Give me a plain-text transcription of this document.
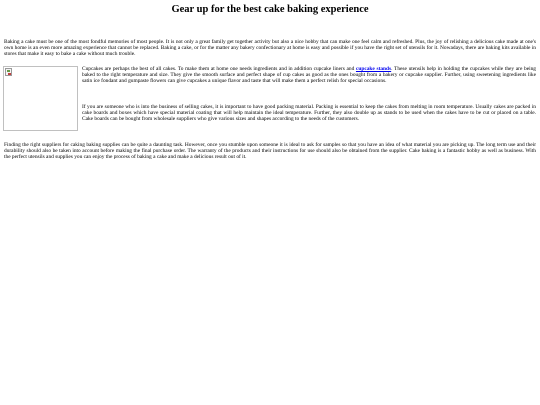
Gear up for the best cake baking experience

Baking a cake must be one of the most fondful memories of most people. It is not only a great family get together activity but also a nice hobby that can make one feel calm and refreshed. Plus, the joy of relishing a delicious cake made at one's own home is an even more amazing experience that cannot be replaced. Baking a cake, or for the matter any bakery confectionary at home is easy and possible if you have the right set of utensils for it. Nowadays, there are baking kits available in stores that make it easy to bake a cake without much trouble.

Cupcakes are perhaps the best of all cakes. To make them at home one needs ingredients and in addition cupcake liners and cupcake stands. These utensils help in holding the cupcakes while they are being baked to the right temperature and size. They give the smooth surface and perfect shape of cup cakes as good as the ones bought from a bakery or cupcake supplier. Further, using sweetening ingredients like satin ice fondant and gumpaste flowers can give cupcakes a unique flavor and taste that will make them a perfect relish for special occasions.

If you are someone who is into the business of selling cakes, it is important to have good packing material. Packing is essential to keep the cakes from melting in room temperature. Usually cakes are packed in cake boards and boxes which have special material coating that will help maintain the ideal temperature. Further, they also double up as stands to be used when the cakes have to be cut or placed on a table. Cake boards can be bought from wholesale suppliers who give various sizes and shapes according to the needs of the customers.

Finding the right suppliers for caking baking supplies can be quite a daunting task. However, once you stumble upon someone it is ideal to ask for samples so that you have an idea of what material you are picking up. The long term use and their durability should also be taken into account before making the final purchase order. The warranty of the products and their instructions for use should also be obtained from the supplier. Cake baking is a fantastic hobby as well as business. With the perfect utensils and supplies you can enjoy the process of baking a cake and make a delicious result out of it.
